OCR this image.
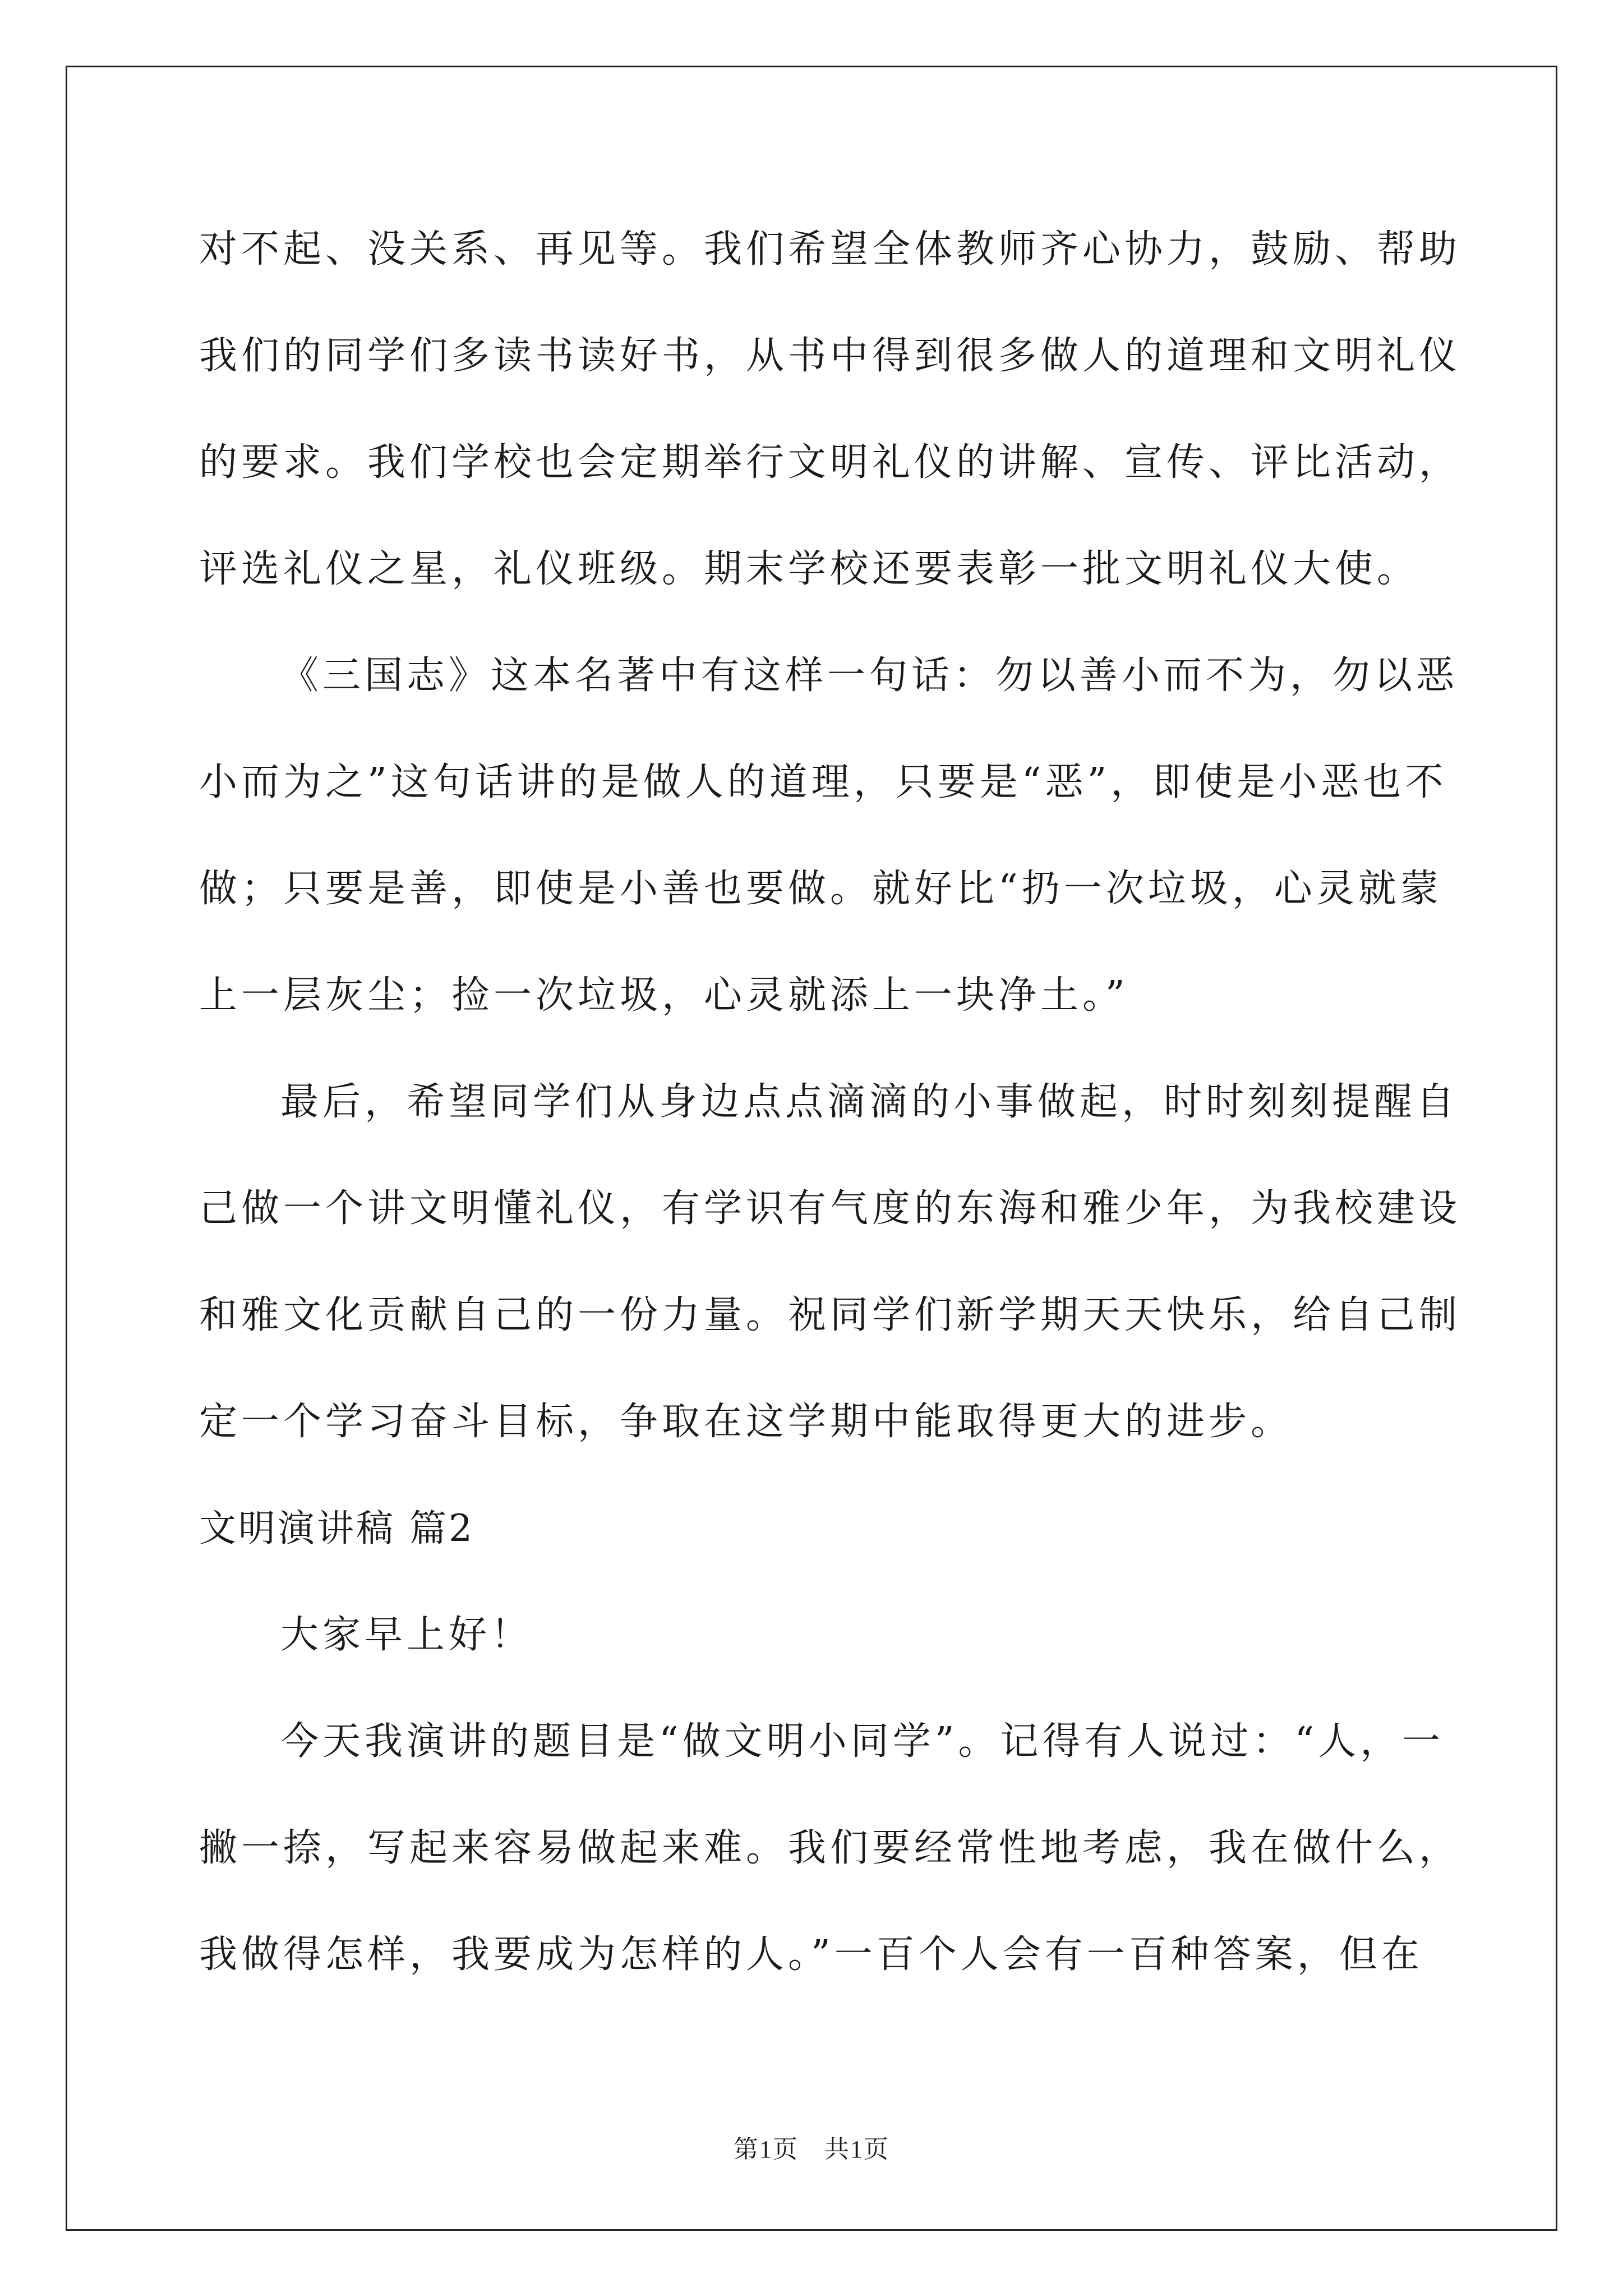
对不起、没关系、再见等。我们希望全体教师齐心协力，鼓励、帮助
我们的同学们多读书读好书，从书中得到很多做人的道理和文明礼仪
的要求。我们学校也会定期举行文明礼仪的讲解、宣传、评比活动，
评选礼仪之星，礼仪班级。期末学校还要表彰一批文明礼仪大使。
《三国志》这本名著中有这样一句话：勿以善小而不为，勿以恶
小而为之”这句话讲的是做人的道理，只要是“恶”，即使是小恶也不
做；只要是善，即使是小善也要做。就好比“扔一次垃圾，心灵就蒙
上一层灰尘；捡一次垃圾，心灵就添上一块净土。”
最后，希望同学们从身边点点滴滴的小事做起，时时刻刻提醒自
己做一个讲文明懂礼仪，有学识有气度的东海和雅少年，为我校建设
和雅文化贡献自己的一份力量。祝同学们新学期天天快乐，给自己制
定一个学习奋斗目标，争取在这学期中能取得更大的进步。
文明演讲稿 篇2
大家早上好！
今天我演讲的题目是“做文明小同学”。记得有人说过：“人，一
撇一捺，写起来容易做起来难。我们要经常性地考虑，我在做什么，
我做得怎样，我要成为怎样的人。”一百个人会有一百种答案，但在
第1页　共1页
